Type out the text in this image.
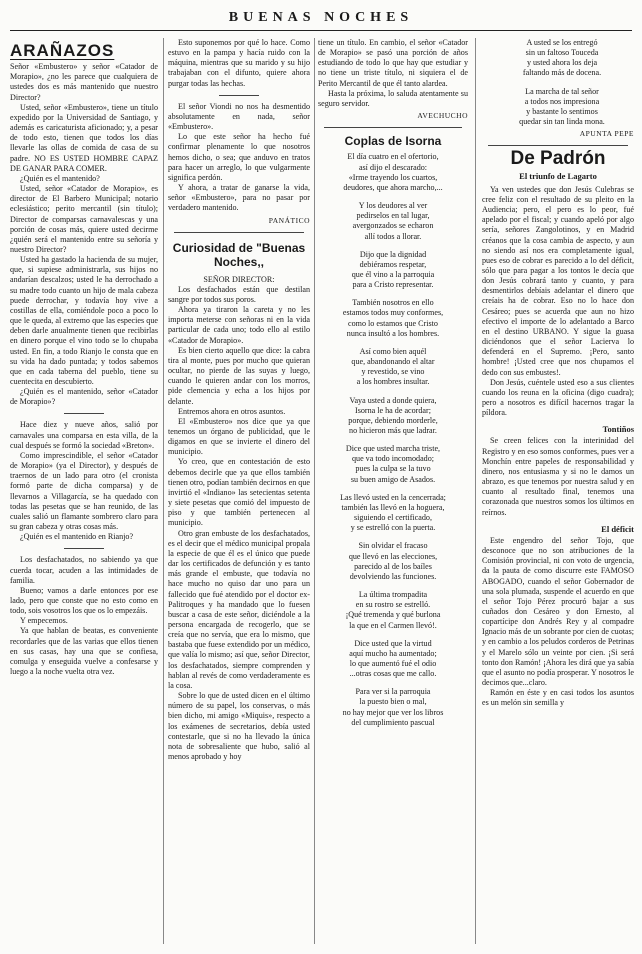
BUENAS NOCHES
ARAÑAZOS

Señor «Embustero» y señor «Catador de Morapio», ¿no les parece que cualquiera de ustedes dos es más mantenido que nuestro Director?

Usted, señor «Embustero», tiene un título expedido por la Universidad de Santiago, y además es caricaturista aficionado; y, a pesar de todo esto, tienen que todos los días llevarle las ollas de comida de casa de su padre. NO ES USTED HOMBRE CAPAZ DE GANAR PARA COMER.

¿Quién es el mantenido?

Usted, señor «Catador de Morapio», es director de El Barbero Municipal; notario eclesiástico; perito mercantil (sin título); Director de comparsas carnavalescas y una porción de cosas más, quiere usted decirme ¿quién será el mantenido entre su señoría y nuestro Director?

Usted ha gastado la hacienda de su mujer, que, si supiese administrarla, sus hijos no andarían descalzos; usted le ha derrochado a su madre todo cuanto un hijo de mala cabeza puede derrochar, y todavía hoy vive a costillas de ella, comiéndole poco a poco lo que le queda, al extremo que las especies que deben darle anualmente tienen que recibirlas en dinero porque el vino todo se lo chupaba usted. En fin, a todo Rianjo le consta que en su vida ha dado puntada; y todos sabemos que en cada taberna del pueblo, tiene su cuentecita en descubierto.

¿Quién es el mantenido, señor «Catador de Morapio»?

Hace diez y nueve años, salió por carnavales una comparsa en esta villa, de la cual después se formó la sociedad «Breton».

Como imprescindible, el señor «Catador de Morapio» (ya el Director), y después de traernos de un lado para otro (el cronista formó parte de dicha comparsa) y de llevarnos a Villagarcía, se ha quedado con todas las pesetas que se han reunido, de las cuales salió un flamante sombrero claro para su gran cabeza y otras cosas más.

¿Quién es el mantenido en Rianjo?

Los desfachatados, no sabiendo ya que cuerda tocar, acuden a las intimidades de familia.

Bueno; vamos a darle entonces por ese lado, pero que conste que no esto como en todo, sois vosotros los que os lo empezáis.

Y empecemos.

Ya que hablan de beatas, es conveniente recordarles que de las varias que ellos tienen en sus casas, hay una que se confiesa, comulga y enseguida vuelve a confesarse y luego a la noche vuelta otra vez.

Esto suponemos por qué lo hace. Como estuvo en la pampa y hacía ruido con la máquina, mientras que su marido y su hijo trabajaban con el difunto, quiere ahora purgar todas las hechas.

El señor Viondi no nos ha desmentido absolutamente en nada, señor «Embustero».

Lo que este señor ha hecho fué confirmar plenamente lo que nosotros hemos dicho, o sea; que anduvo en tratos para hacer un arreglo, lo que vulgarmente significa perdón.

Y ahora, a tratar de ganarse la vida, señor «Embustero», para no pasar por verdadero mantenido.

PANÁTICO
Curiosidad de "Buenas Noches,,

SEÑOR DIRECTOR:

Los desfachados están que destilan sangre por todos sus poros.

Ahora ya tiraron la careta y no les importa meterse con señoras ni en la vida particular de cada uno; todo ello al estilo «Catador de Morapio».

Es bien cierto aquello que dice: la cabra tira al monte, pues por mucho que quieran ocultar, no pierde de las suyas y luego, cuando le quieren andar con los morros, pide clemencia y echa a los hijos por delante.

Entremos ahora en otros asuntos.

El «Embustero» nos dice que ya que tenemos un órgano de publicidad, que le digamos en que se invierte el dinero del municipio.

Yo creo, que en contestación de esto debemos decirle que ya que ellos también tienen otro, podían también decirnos en que invirtió el «Indiano» las setecientas setenta y siete pesetas que comió del impuesto de piso y que también pertenecen al municipio.

Otro gran embuste de los desfachatados, es el decir que el médico municipal propala la especie de que él es el único que puede dar los certificados de defunción y es tanto más grande el embuste, que todavía no hace mucho no quiso dar uno para un fallecido que fué atendido por el doctor ex-Palitroques y ha mandado que lo fuesen buscar a casa de este señor, diciéndole a la persona encargada de recogerlo, que se creía que no servía, que era lo mismo, que bastaba que fuese extendido por un médico, que valía lo mismo; así que, señor Director, los desfachatados, siempre comprenden y hablan al revés de como verdaderamente es la cosa.

Sobre lo que de usted dicen en el último número de su papel, los conservas, o más bien dicho, mi amigo «Miquis», respecto a los exámenes de secretarios, debía usted contestarle, que si no ha llevado la única nota de sobresaliente que hubo, salió al menos aprobado y hoy

tiene un título. En cambio, el señor «Catador de Morapio» se pasó una porción de años estudiando de todo lo que hay que estudiar y no tiene un triste título, ni siquiera el de Perito Mercantil de que él tanto alardea.

Hasta la próxima, lo saluda atentamente su seguro servidor.

AVECHUCHO
Coplas de Isorna

El día cuatro en el ofertorio,

así dijo el descarado:

«Irme trayendo los cuartos,

deudores, que ahora marcho,...

Y los deudores al ver

pedirselos en tal lugar,

avergonzados se echaron

allí todos a llorar.

Dijo que la dignidad

debiéramos respetar,

que él vino a la parroquia

para a Cristo representar.

También nosotros en ello

estamos todos muy conformes,

como lo estamos que Cristo

nunca insultó a los hombres.

Así como bien aquél

que, abandonando el altar

y revestido, se vino

a los hombres insultar.

Vaya usted a donde quiera,

Isorna le ha de acordar;

porque, debiendo morderle,

no hicieron más que ladrar.

Dice que usted marcha triste,

que va todo incomodado;

pues la culpa se la tuvo

su buen amigo de Asados.

Las llevó usted en la cencerrada;

también las llevó en la hoguera,

siguiendo el certificado,

y se estrelló con la puerta.

Sin olvidar el fracaso

que llevó en las elecciones,

parecido al de los baíles

devolviendo las funciones.

La última trompadita

en su rostro se estrelló.

¡Qué tremenda y qué burlona

la que en el Carmen llevó!.

Dice usted que la virtud

aquí mucho ha aumentado;

lo que aumentó fué el odio

...otras cosas que me callo.

Para ver si la parroquia

la puesto bien o mal,

no hay mejor que ver los libros

del cumplimiento pascual

A usted se los entregó

sin un faltoso Touceda

y usted ahora los deja

faltando más de docena.

La marcha de tal señor

a todos nos impresiona

y bastante lo sentimos

quedar sin tan linda mona.

APUNTA PEPE
De Padrón
El triunfo de Lagarto

Ya ven ustedes que don Jesús Culebras se cree feliz con el resultado de su pleito en la Audiencia; pero, el pero es lo peor, fué apelado por el fiscal; y cuando apeló por algo sería, señores Zangolotinos, y en Madrid créanos que la cosa cambia de aspecto, y aun no siendo así nos era completamente igual, pues eso de cobrar es parecido a lo del déficit, sólo que para pagar a los tontos le decía que don Jesús cobrará tanto y cuanto, y para desmentirlos debíais adelantar el dinero que creíais ha de cobrar. Eso no lo hace don Cesáreo; pues se acuerda que aun no hizo efectivo el importe de lo adelantado a Barco en el destino URBANO. Y sigue la guasa diciéndonos que el señor Lacierva lo defenderá en el Supremo. ¡Pero, santo hombre! ¡Usted cree que nos chupamos el dedo con sus embustes!.

Don Jesús, cuéntele usted eso a sus clientes cuando los reuna en la oficina (digo cuadra); pero a nosotros es difícil hacernos tragar la píldora.

Tontiños

Se creen felices con la interinidad del Registro y en eso somos conformes, pues ver a Monchín entre papeles de responsabilidad y dinero, nos entusiasma y si no le damos un abrazo, es que tenemos por nuestra salud y en cuanto al resultado final, tenemos una corazonada que nuestros somos los últimos en reírnos.

El déficit

Este engendro del señor Tojo, que desconoce que no son atribuciones de la Comisión provincial, ni con voto de urgencia, da la pauta de como discurre este FAMOSO ABOGADO, cuando el señor Gobernador de una sola plumada, suspende el acuerdo en que el señor Tojo Pérez procuró bajar a sus cuñados don Cesáreo y don Ernesto, al copartícipe don Andrés Rey y al compadre Ignacio más de un sobrante por cien de cuotas; y en cambio a los peludos corderos de Petrinas y el Marelo sólo un veinte por cien. ¡Si será tonto don Ramón! ¡Ahora les dirá que ya sabía que el asunto no podía prosperar. Y nosotros le decimos que...claro.

Ramón en éste y en casi todos los asuntos es un melón sin semilla y
